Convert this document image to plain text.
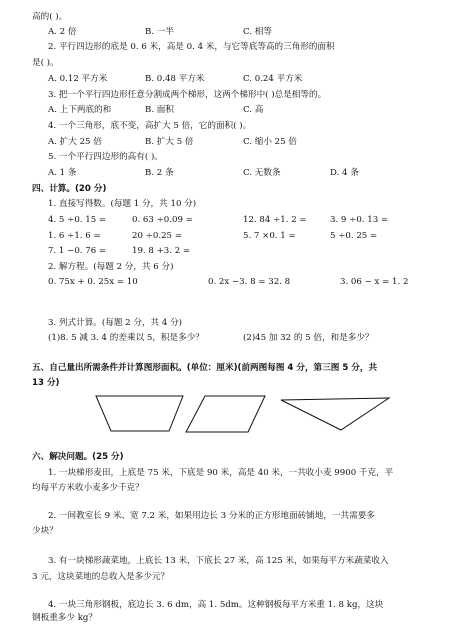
高的( )。
A. 2 倍	B. 一半	C. 相等
2. 平行四边形的底是 0. 6 米，高是 0. 4 米，与它等底等高的三角形的面积
是( )。
A. 0.12 平方米	B. 0.48 平方米	C. 0.24 平方米
3. 把一个平行四边形任意分割成两个梯形，这两个梯形中( )总是相等的。
A. 上下两底的和	B. 面积	C. 高
4. 一个三角形，底不变，高扩大 5 倍，它的面积( )。
A. 扩大 25 倍	B. 扩大 5 倍	C. 缩小 25 倍
5. 一个平行四边形的高有( )。
A. 1 条	B. 2 条	C. 无数条	D. 4 条
四、计算。(20 分)
1. 直接写得数。(每题 1 分，共 10 分)
4. 5 ÷0. 15 =	0. 63 ÷0.09 =	12. 84 ÷1. 2 =	3. 9 ÷0. 13 =
1. 6 ÷1. 6 =	20 ÷0.25 =	5. 7 ×0. 1 =	5 ÷0. 25 =
7. 1 −0. 76 =	19. 8 +3. 2 =
2. 解方程。(每题 2 分，共 6 分)
0. 75x + 0. 25x = 10	0. 2x −3. 8 = 32. 8	3. 06 − x = 1. 2
3. 列式计算。(每题 2 分，共 4 分)
(1)8. 5 减 3. 4 的差乘以 5，积是多少？	(2)45 加 32 的 5 倍，和是多少？
五、自己量出所需条件并计算图形面积。(单位：厘米)(前两图每图 4 分，第三图 5 分，共
13 分)
六、解决问题。(25 分)
1. 一块梯形麦田，上底是 75 米，下底是 90 米，高是 40 米，一共收小麦 9900 千克，平
均每平方米收小麦多少千克？
2. 一间教室长 9 米、宽 7.2 米，如果用边长 3 分米的正方形地面砖铺地，一共需要多
少块？
3. 有一块梯形蔬菜地，上底长 13 米，下底长 27 米，高 125 米，如果每平方米蔬菜收入
3 元，这块菜地的总收入是多少元？
4. 一块三角形钢板，底边长 3. 6 dm，高 1. 5dm。这种钢板每平方米重 1. 8 kg，这块
钢板重多少 kg？
